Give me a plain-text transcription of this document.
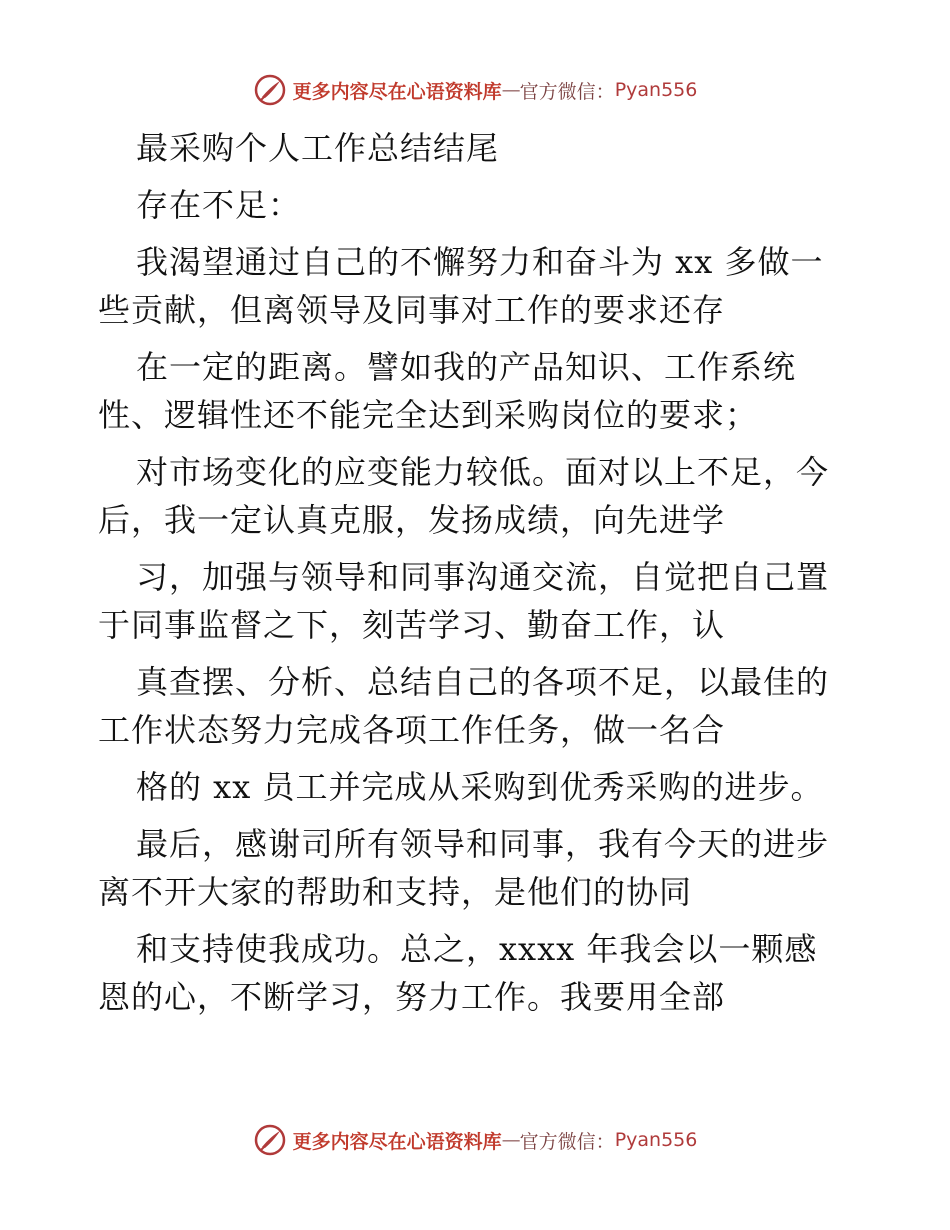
更多内容尽在心语资料库 — 官方微信： Pyan556
最采购个人工作总结结尾
存在不足：
我渴望通过自己的不懈努力和奋斗为 xx 多做一
些贡献，但离领导及同事对工作的要求还存
在一定的距离。譬如我的产品知识、工作系统
性、逻辑性还不能完全达到采购岗位的要求；
对市场变化的应变能力较低。面对以上不足，今
后，我一定认真克服，发扬成绩，向先进学
习，加强与领导和同事沟通交流，自觉把自己置
于同事监督之下，刻苦学习、勤奋工作，认
真查摆、分析、总结自己的各项不足，以最佳的
工作状态努力完成各项工作任务，做一名合
格的 xx 员工并完成从采购到优秀采购的进步。
最后，感谢司所有领导和同事，我有今天的进步
离不开大家的帮助和支持，是他们的协同
和支持使我成功。总之，xxxx 年我会以一颗感
恩的心，不断学习，努力工作。我要用全部
更多内容尽在心语资料库 — 官方微信： Pyan556
